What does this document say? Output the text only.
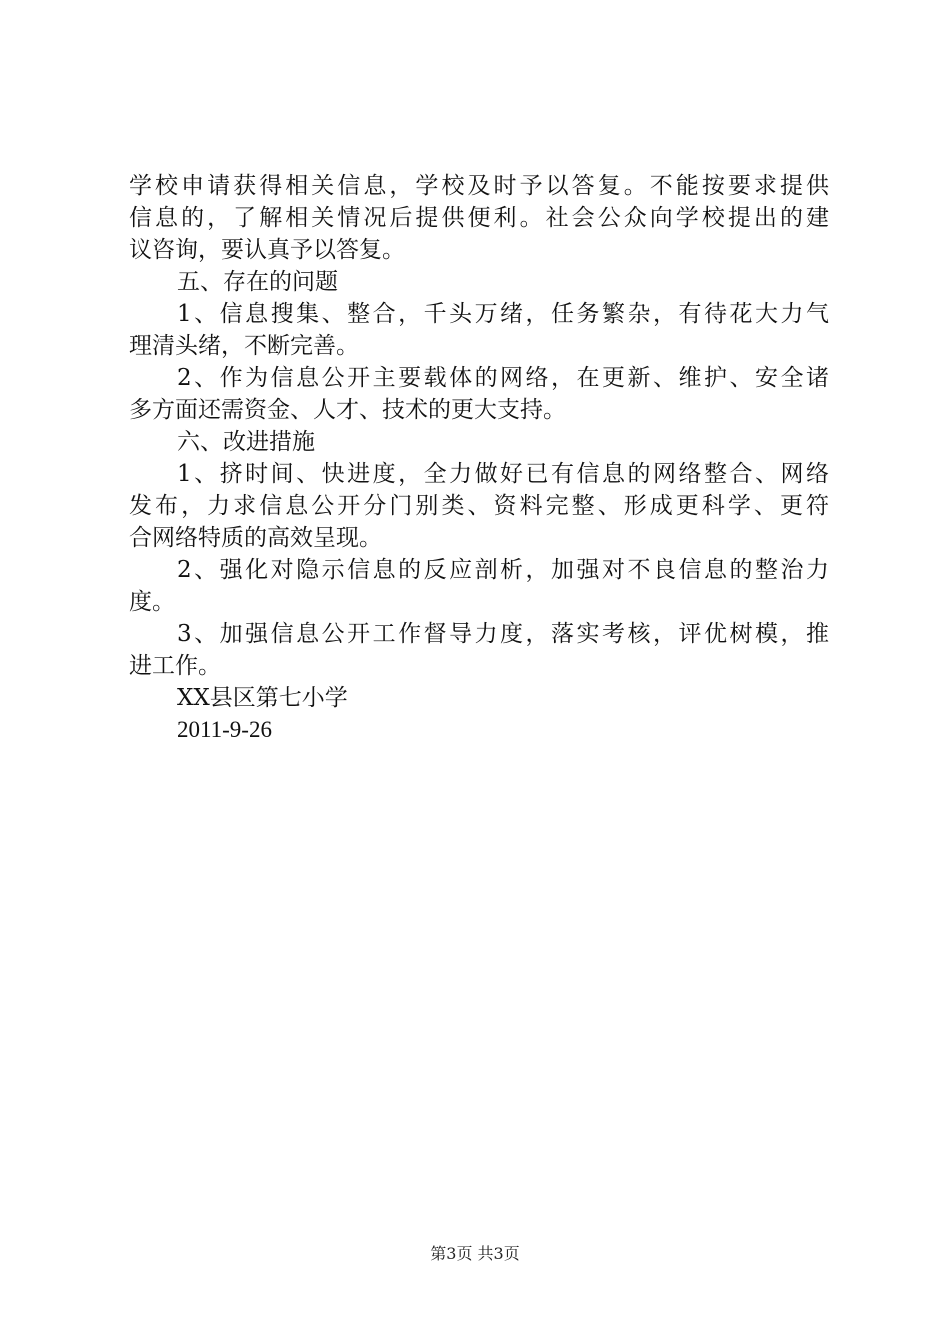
学校申请获得相关信息，学校及时予以答复。不能按要求提供
信息的，了解相关情况后提供便利。社会公众向学校提出的建
议咨询，要认真予以答复。
五、存在的问题
1、信息搜集、整合，千头万绪，任务繁杂，有待花大力气
理清头绪，不断完善。
2、作为信息公开主要载体的网络，在更新、维护、安全诸
多方面还需资金、人才、技术的更大支持。
六、改进措施
1、挤时间、快进度，全力做好已有信息的网络整合、网络
发布，力求信息公开分门别类、资料完整、形成更科学、更符
合网络特质的高效呈现。
2、强化对隐示信息的反应剖析，加强对不良信息的整治力
度。
3、加强信息公开工作督导力度，落实考核，评优树模，推
进工作。
XX县区第七小学
2011-9-26
第3页 共3页
